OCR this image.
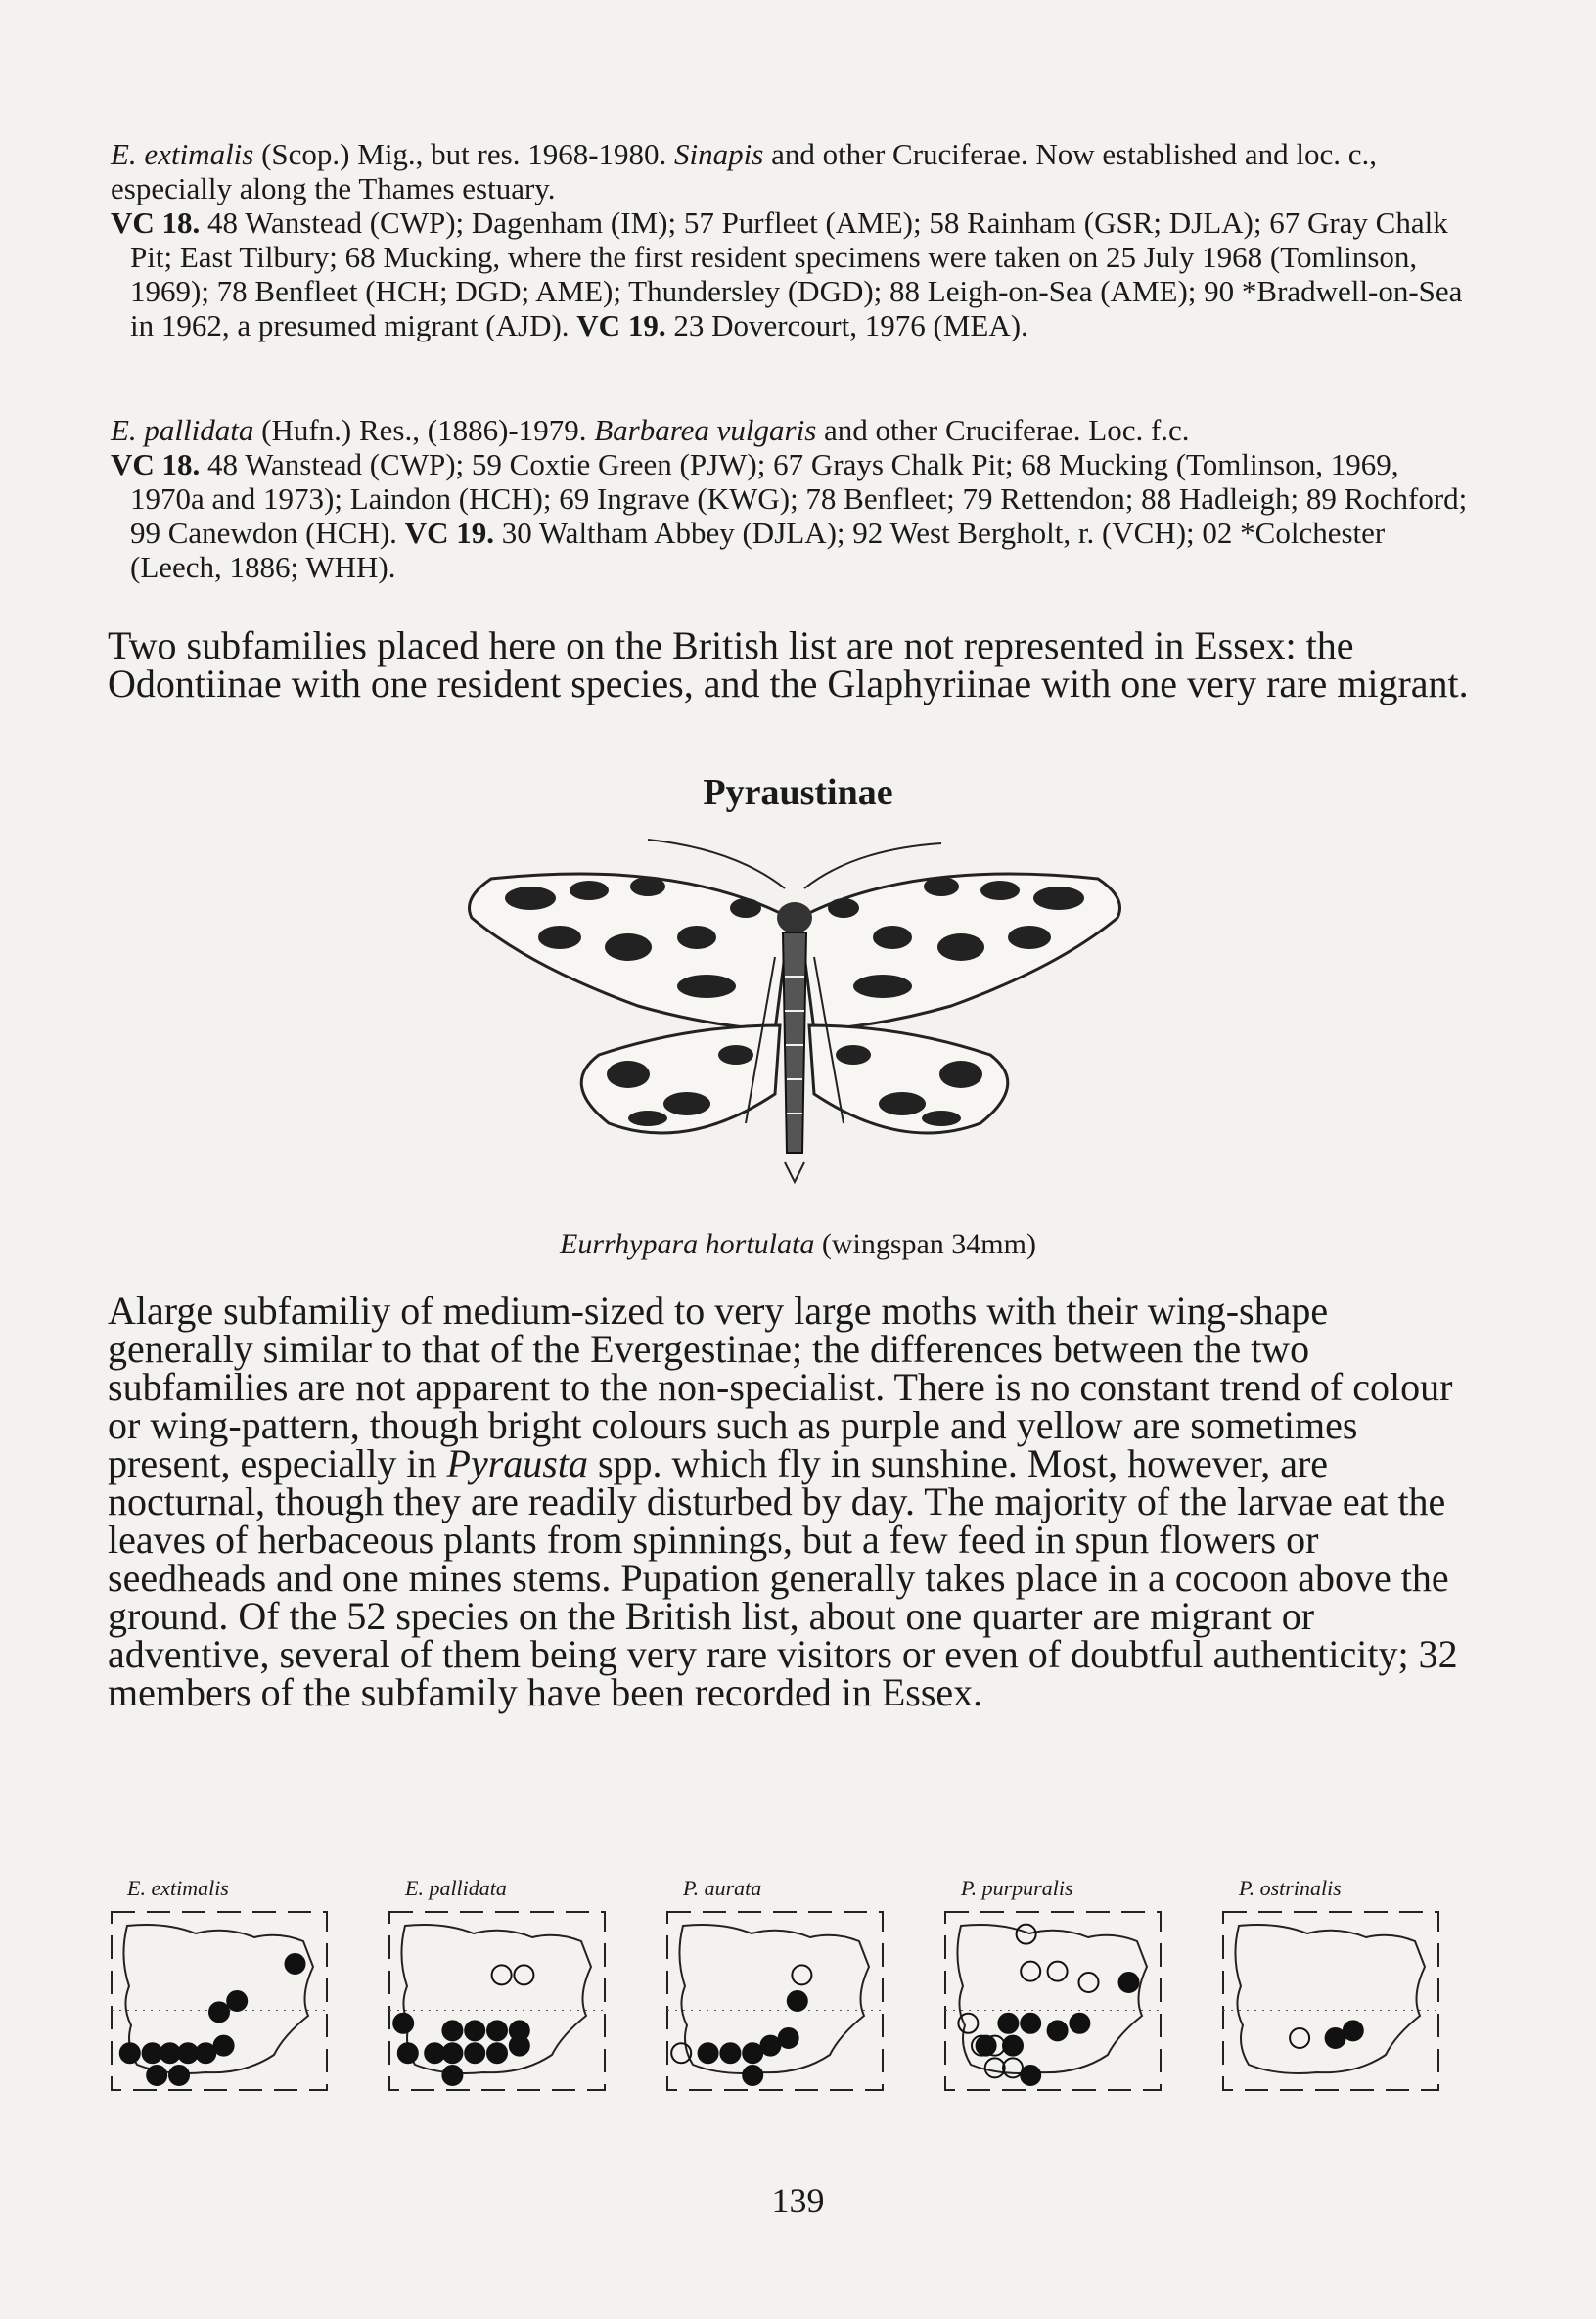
E. extimalis (Scop.) Mig., but res. 1968-1980. Sinapis and other Cruciferae. Now established and loc. c., especially along the Thames estuary.

VC 18. 48 Wanstead (CWP); Dagenham (IM); 57 Purfleet (AME); 58 Rainham (GSR; DJLA); 67 Gray Chalk Pit; East Tilbury; 68 Mucking, where the first resident specimens were taken on 25 July 1968 (Tomlinson, 1969); 78 Benfleet (HCH; DGD; AME); Thundersley (DGD); 88 Leigh-on-Sea (AME); 90 *Bradwell-on-Sea in 1962, a presumed migrant (AJD). VC 19. 23 Dovercourt, 1976 (MEA).

E. pallidata (Hufn.) Res., (1886)-1979. Barbarea vulgaris and other Cruciferae. Loc. f.c.

VC 18. 48 Wanstead (CWP); 59 Coxtie Green (PJW); 67 Grays Chalk Pit; 68 Mucking (Tomlinson, 1969, 1970a and 1973); Laindon (HCH); 69 Ingrave (KWG); 78 Benfleet; 79 Rettendon; 88 Hadleigh; 89 Rochford; 99 Canewdon (HCH). VC 19. 30 Waltham Abbey (DJLA); 92 West Bergholt, r. (VCH); 02 *Colchester (Leech, 1886; WHH).

Two subfamilies placed here on the British list are not represented in Essex: the Odontiinae with one resident species, and the Glaphyriinae with one very rare migrant.

Pyraustinae
Eurrhypara hortulata (wingspan 34mm)

Alarge subfamiliy of medium-sized to very large moths with their wing-shape generally similar to that of the Evergestinae; the differences between the two subfamilies are not apparent to the non-specialist. There is no constant trend of colour or wing-pattern, though bright colours such as purple and yellow are sometimes present, especially in Pyrausta spp. which fly in sunshine. Most, however, are nocturnal, though they are readily disturbed by day. The majority of the larvae eat the leaves of herbaceous plants from spinnings, but a few feed in spun flowers or seedheads and one mines stems. Pupation generally takes place in a cocoon above the ground. Of the 52 species on the British list, about one quarter are migrant or adventive, several of them being very rare visitors or even of doubtful authenticity; 32 members of the subfamily have been recorded in Essex.

E. extimalis	E. pallidata	P. aurata	P. purpuralis	P. ostrinalis
139
